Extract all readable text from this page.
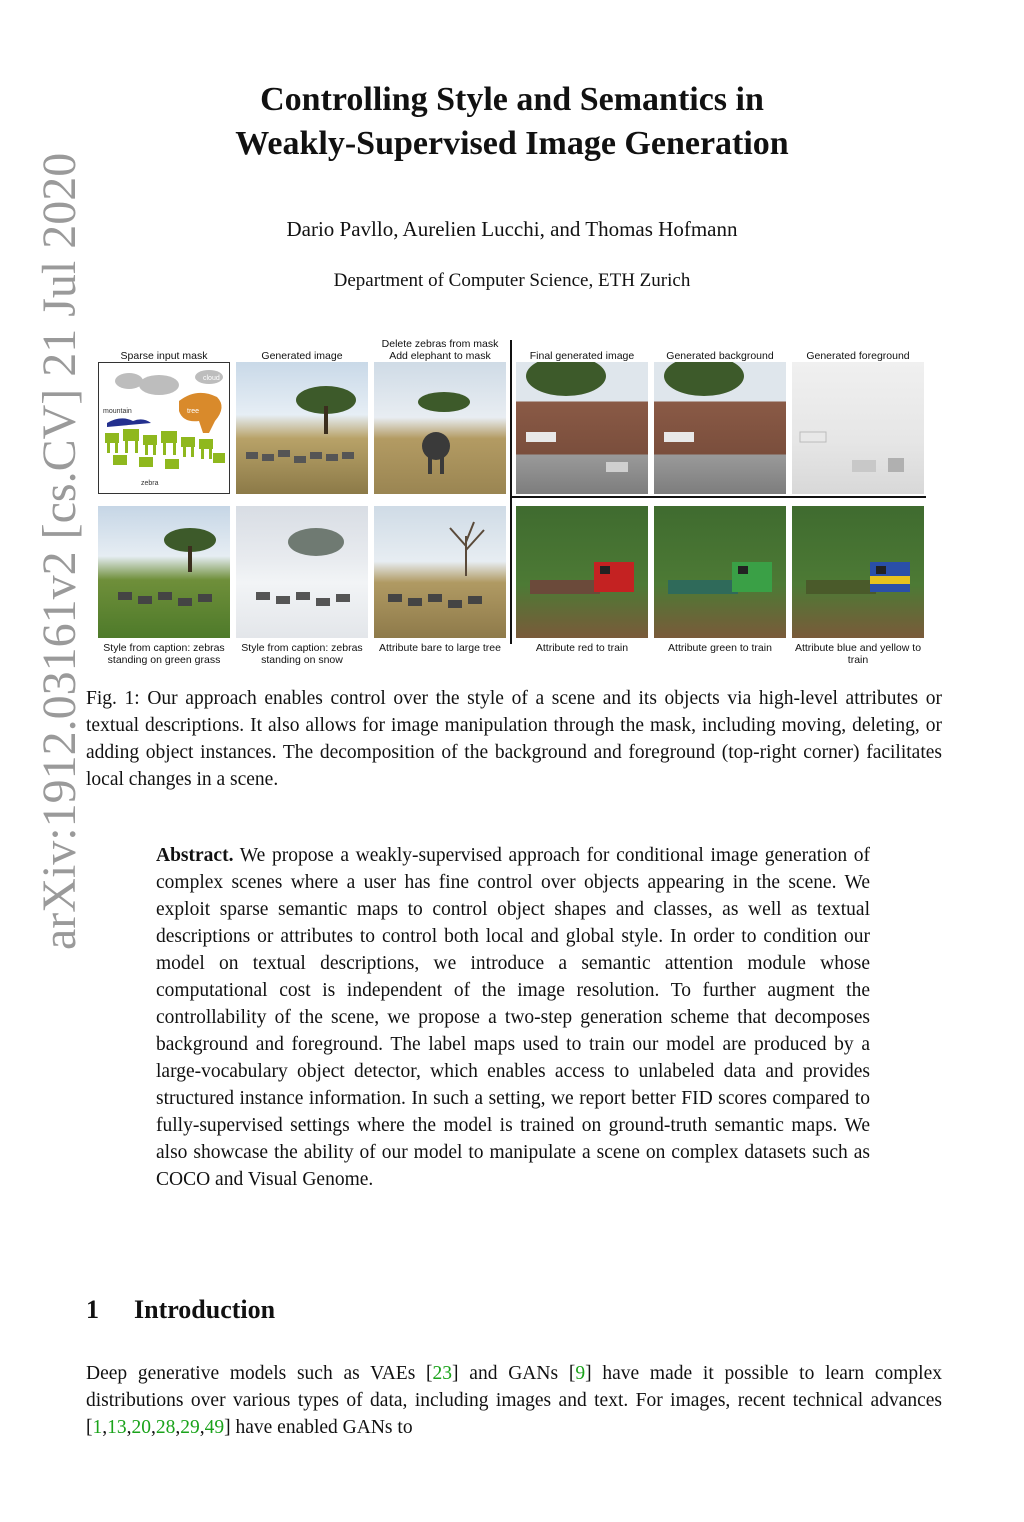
arXiv:1912.03161v2 [cs.CV] 21 Jul 2020
Controlling Style and Semantics in
Weakly-Supervised Image Generation
Dario Pavllo, Aurelien Lucchi, and Thomas Hofmann
Department of Computer Science, ETH Zurich
Sparse input mask
cloud
tree
mountain
zebra
Generated image
Delete zebras from mask Add elephant to mask	Final generated image	Generated background	Generated foreground
Style from caption: zebras standing on green grass
Style from caption: zebras standing on snow
Attribute bare to large tree	Attribute red to train	Attribute green to train	Attribute blue and yellow to train
Fig. 1: Our approach enables control over the style of a scene and its objects via high-level attributes or textual descriptions. It also allows for image manipulation through the mask, including moving, deleting, or adding object instances. The decomposition of the background and foreground (top-right corner) facilitates local changes in a scene.
Abstract. We propose a weakly-supervised approach for conditional image generation of complex scenes where a user has fine control over objects appearing in the scene. We exploit sparse semantic maps to control object shapes and classes, as well as textual descriptions or attributes to control both local and global style. In order to condition our model on textual descriptions, we introduce a semantic attention module whose computational cost is independent of the image resolution. To further augment the controllability of the scene, we propose a two-step generation scheme that decomposes background and foreground. The label maps used to train our model are produced by a large-vocabulary object detector, which enables access to unlabeled data and provides structured instance information. In such a setting, we report better FID scores compared to fully-supervised settings where the model is trained on ground-truth semantic maps. We also showcase the ability of our model to manipulate a scene on complex datasets such as COCO and Visual Genome.
1 Introduction
Deep generative models such as VAEs [23] and GANs [9] have made it possible to learn complex distributions over various types of data, including images and text. For images, recent technical advances [1,13,20,28,29,49] have enabled GANs to
